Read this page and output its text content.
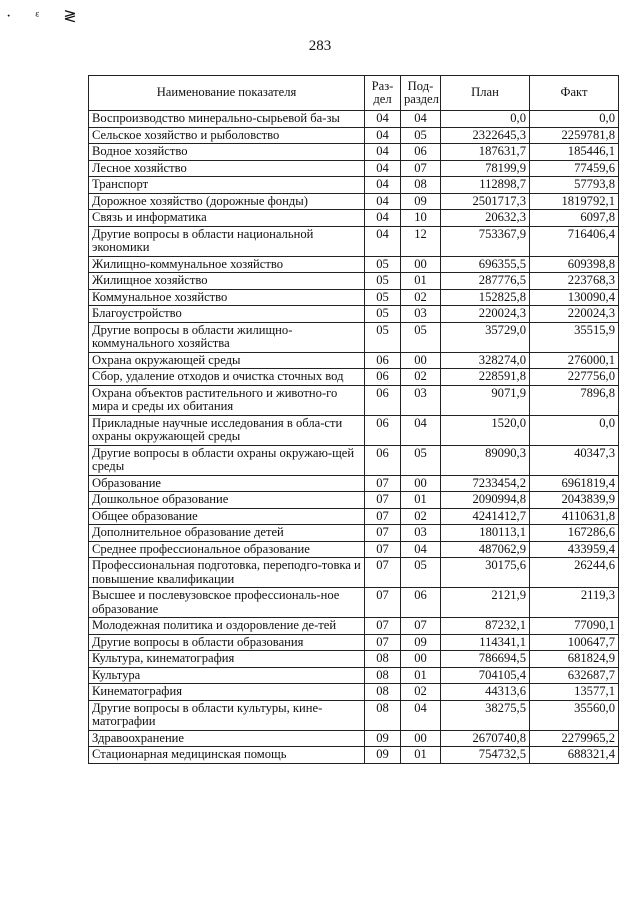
· ᵋ ≷
283
Наименование показателя	Раз-дел	Под-раздел	План	Факт
Воспроизводство минерально-сырьевой ба-зы	04	04	0,0	0,0
Сельское хозяйство и рыболовство	04	05	2322645,3	2259781,8
Водное хозяйство	04	06	187631,7	185446,1
Лесное хозяйство	04	07	78199,9	77459,6
Транспорт	04	08	112898,7	57793,8
Дорожное хозяйство (дорожные фонды)	04	09	2501717,3	1819792,1
Связь и информатика	04	10	20632,3	6097,8
Другие вопросы в области национальной экономики	04	12	753367,9	716406,4
Жилищно-коммунальное хозяйство	05	00	696355,5	609398,8
Жилищное хозяйство	05	01	287776,5	223768,3
Коммунальное хозяйство	05	02	152825,8	130090,4
Благоустройство	05	03	220024,3	220024,3
Другие вопросы в области жилищно-коммунального хозяйства	05	05	35729,0	35515,9
Охрана окружающей среды	06	00	328274,0	276000,1
Сбор, удаление отходов и очистка сточных вод	06	02	228591,8	227756,0
Охрана объектов растительного и животно-го мира и среды их обитания	06	03	9071,9	7896,8
Прикладные научные исследования в обла-сти охраны окружающей среды	06	04	1520,0	0,0
Другие вопросы в области охраны окружаю-щей среды	06	05	89090,3	40347,3
Образование	07	00	7233454,2	6961819,4
Дошкольное образование	07	01	2090994,8	2043839,9
Общее образование	07	02	4241412,7	4110631,8
Дополнительное образование детей	07	03	180113,1	167286,6
Среднее профессиональное образование	07	04	487062,9	433959,4
Профессиональная подготовка, переподго-товка и повышение квалификации	07	05	30175,6	26244,6
Высшее и послевузовское профессиональ-ное образование	07	06	2121,9	2119,3
Молодежная политика и оздоровление де-тей	07	07	87232,1	77090,1
Другие вопросы в области образования	07	09	114341,1	100647,7
Культура, кинематография	08	00	786694,5	681824,9
Культура	08	01	704105,4	632687,7
Кинематография	08	02	44313,6	13577,1
Другие вопросы в области культуры, кине-матографии	08	04	38275,5	35560,0
Здравоохранение	09	00	2670740,8	2279965,2
Стационарная медицинская помощь	09	01	754732,5	688321,4
